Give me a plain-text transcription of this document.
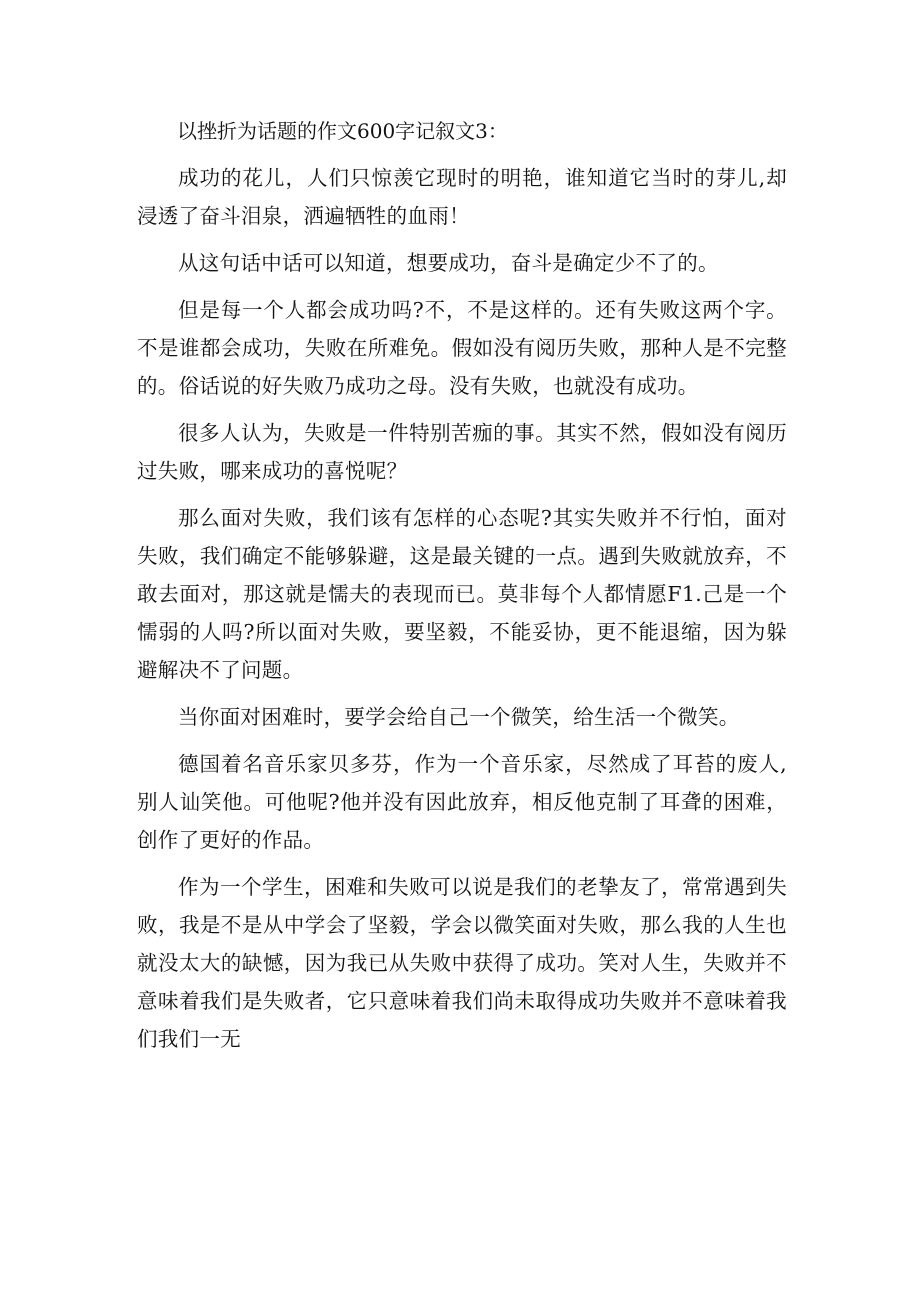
以挫折为话题的作文600字记叙文3：

成功的花儿，人们只惊羡它现时的明艳，谁知道它当时的芽儿,却浸透了奋斗泪泉，洒遍牺牲的血雨！

从这句话中话可以知道，想要成功，奋斗是确定少不了的。

但是每一个人都会成功吗?不，不是这样的。还有失败这两个字。不是谁都会成功，失败在所难免。假如没有阅历失败，那种人是不完整的。俗话说的好失败乃成功之母。没有失败，也就没有成功。

很多人认为，失败是一件特别苦痂的事。其实不然，假如没有阅历过失败，哪来成功的喜悦呢？

那么面对失败，我们该有怎样的心态呢?其实失败并不行怕，面对失败，我们确定不能够躲避，这是最关键的一点。遇到失败就放弃，不敢去面对，那这就是懦夫的表现而已。莫非每个人都情愿F1.己是一个懦弱的人吗?所以面对失败，要坚毅，不能妥协，更不能退缩，因为躲避解决不了问题。

当你面对困难时，要学会给自己一个微笑，给生活一个微笑。

德国着名音乐家贝多芬，作为一个音乐家，尽然成了耳苔的废人,别人讪笑他。可他呢?他并没有因此放弃，相反他克制了耳聋的困难，创作了更好的作品。

作为一个学生，困难和失败可以说是我们的老挚友了，常常遇到失败，我是不是从中学会了坚毅，学会以微笑面对失败，那么我的人生也就没太大的缺憾，因为我已从失败中获得了成功。笑对人生，失败并不意味着我们是失败者，它只意味着我们尚未取得成功失败并不意味着我们我们一无
